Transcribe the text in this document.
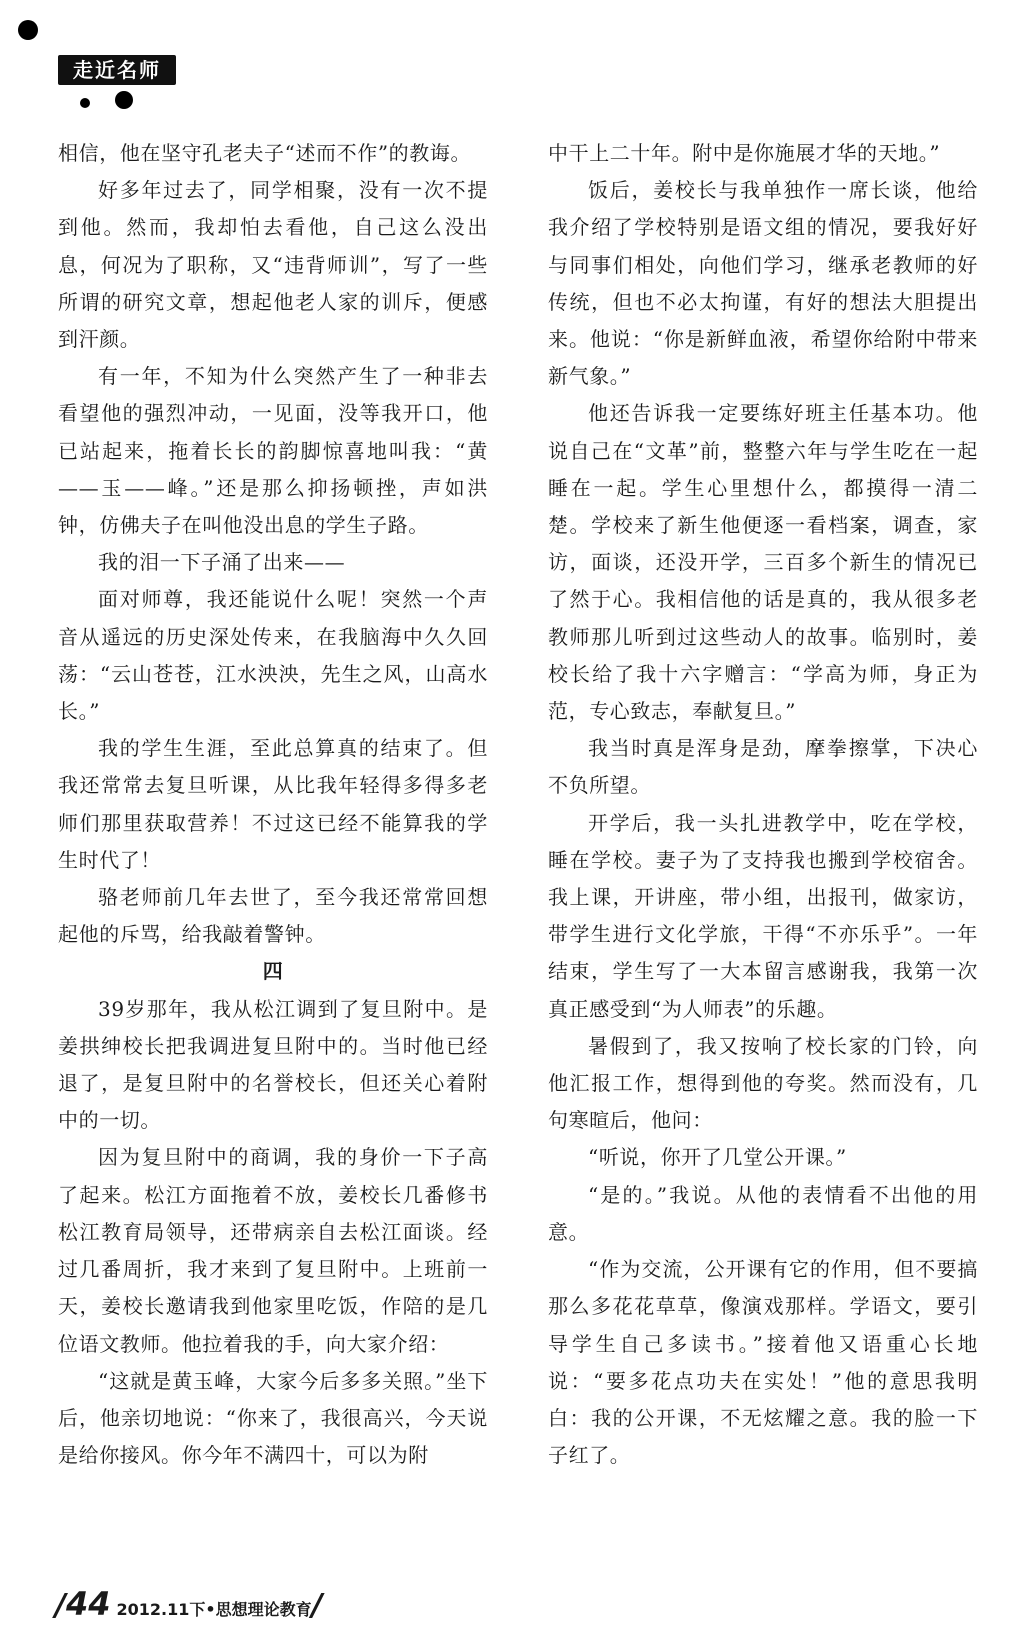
走近名师

相信，他在坚守孔老夫子“述而不作”的教诲。

好多年过去了，同学相聚，没有一次不提到他。然而，我却怕去看他，自己这么没出息，何况为了职称，又“违背师训”，写了一些所谓的研究文章，想起他老人家的训斥，便感到汗颜。

有一年，不知为什么突然产生了一种非去看望他的强烈冲动，一见面，没等我开口，他已站起来，拖着长长的韵脚惊喜地叫我：“黄——玉——峰。”还是那么抑扬顿挫，声如洪钟，仿佛夫子在叫他没出息的学生子路。

我的泪一下子涌了出来——

面对师尊，我还能说什么呢！突然一个声音从遥远的历史深处传来，在我脑海中久久回荡：“云山苍苍，江水泱泱，先生之风，山高水长。”

我的学生生涯，至此总算真的结束了。但我还常常去复旦听课，从比我年轻得多得多老师们那里获取营养！不过这已经不能算我的学生时代了！

骆老师前几年去世了，至今我还常常回想起他的斥骂，给我敲着警钟。

四

39岁那年，我从松江调到了复旦附中。是姜拱绅校长把我调进复旦附中的。当时他已经退了，是复旦附中的名誉校长，但还关心着附中的一切。

因为复旦附中的商调，我的身价一下子高了起来。松江方面拖着不放，姜校长几番修书松江教育局领导，还带病亲自去松江面谈。经过几番周折，我才来到了复旦附中。上班前一天，姜校长邀请我到他家里吃饭，作陪的是几位语文教师。他拉着我的手，向大家介绍：

“这就是黄玉峰，大家今后多多关照。”坐下后，他亲切地说：“你来了，我很高兴，今天说是给你接风。你今年不满四十，可以为附

中干上二十年。附中是你施展才华的天地。”

饭后，姜校长与我单独作一席长谈，他给我介绍了学校特别是语文组的情况，要我好好与同事们相处，向他们学习，继承老教师的好传统，但也不必太拘谨，有好的想法大胆提出来。他说：“你是新鲜血液，希望你给附中带来新气象。”

他还告诉我一定要练好班主任基本功。他说自己在“文革”前，整整六年与学生吃在一起睡在一起。学生心里想什么，都摸得一清二楚。学校来了新生他便逐一看档案，调查，家访，面谈，还没开学，三百多个新生的情况已了然于心。我相信他的话是真的，我从很多老教师那儿听到过这些动人的故事。临别时，姜校长给了我十六字赠言：“学高为师，身正为范，专心致志，奉献复旦。”

我当时真是浑身是劲，摩拳擦掌，下决心不负所望。

开学后，我一头扎进教学中，吃在学校，睡在学校。妻子为了支持我也搬到学校宿舍。我上课，开讲座，带小组，出报刊，做家访，带学生进行文化学旅，干得“不亦乐乎”。一年结束，学生写了一大本留言感谢我，我第一次真正感受到“为人师表”的乐趣。

暑假到了，我又按响了校长家的门铃，向他汇报工作，想得到他的夸奖。然而没有，几句寒暄后，他问：

“听说，你开了几堂公开课。”

“是的。”我说。从他的表情看不出他的用意。

“作为交流，公开课有它的作用，但不要搞那么多花花草草，像演戏那样。学语文，要引导学生自己多读书。”接着他又语重心长地说：“要多花点功夫在实处！”他的意思我明白：我的公开课，不无炫耀之意。我的脸一下子红了。

/44 2012.11下•思想理论教育/
